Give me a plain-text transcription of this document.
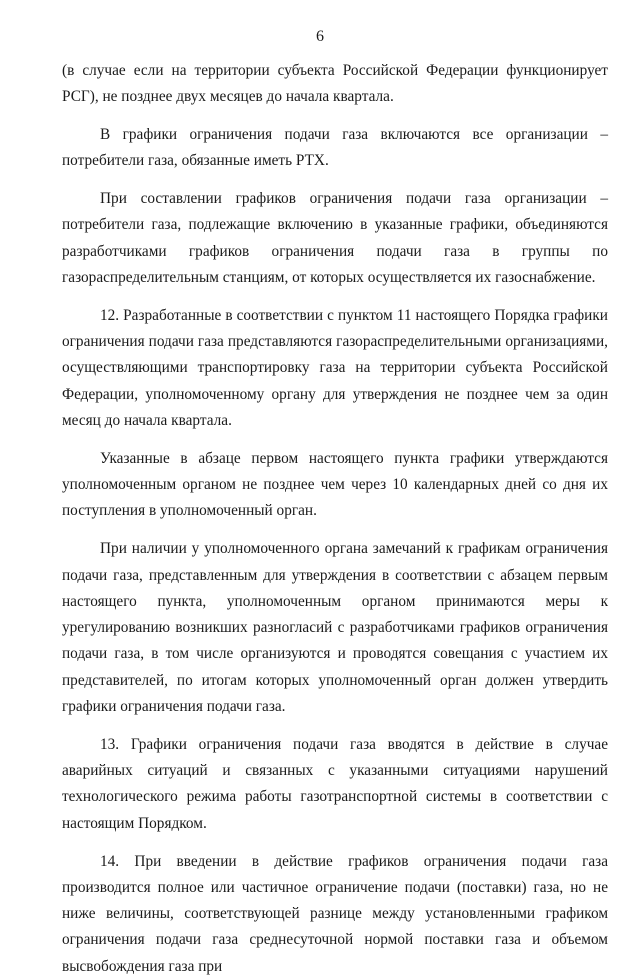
6

(в случае если на территории субъекта Российской Федерации функционирует РСГ), не позднее двух месяцев до начала квартала.

В графики ограничения подачи газа включаются все организации – потребители газа, обязанные иметь РТХ.

При составлении графиков ограничения подачи газа организации – потребители газа, подлежащие включению в указанные графики, объединяются разработчиками графиков ограничения подачи газа в группы по газораспределительным станциям, от которых осуществляется их газоснабжение.

12. Разработанные в соответствии с пунктом 11 настоящего Порядка графики ограничения подачи газа представляются газораспределительными организациями, осуществляющими транспортировку газа на территории субъекта Российской Федерации, уполномоченному органу для утверждения не позднее чем за один месяц до начала квартала.

Указанные в абзаце первом настоящего пункта графики утверждаются уполномоченным органом не позднее чем через 10 календарных дней со дня их поступления в уполномоченный орган.

При наличии у уполномоченного органа замечаний к графикам ограничения подачи газа, представленным для утверждения в соответствии с абзацем первым настоящего пункта, уполномоченным органом принимаются меры к урегулированию возникших разногласий с разработчиками графиков ограничения подачи газа, в том числе организуются и проводятся совещания с участием их представителей, по итогам которых уполномоченный орган должен утвердить графики ограничения подачи газа.

13. Графики ограничения подачи газа вводятся в действие в случае аварийных ситуаций и связанных с указанными ситуациями нарушений технологического режима работы газотранспортной системы в соответствии с настоящим Порядком.

14. При введении в действие графиков ограничения подачи газа производится полное или частичное ограничение подачи (поставки) газа, но не ниже величины, соответствующей разнице между установленными графиком ограничения подачи газа среднесуточной нормой поставки газа и объемом высвобождения газа при
